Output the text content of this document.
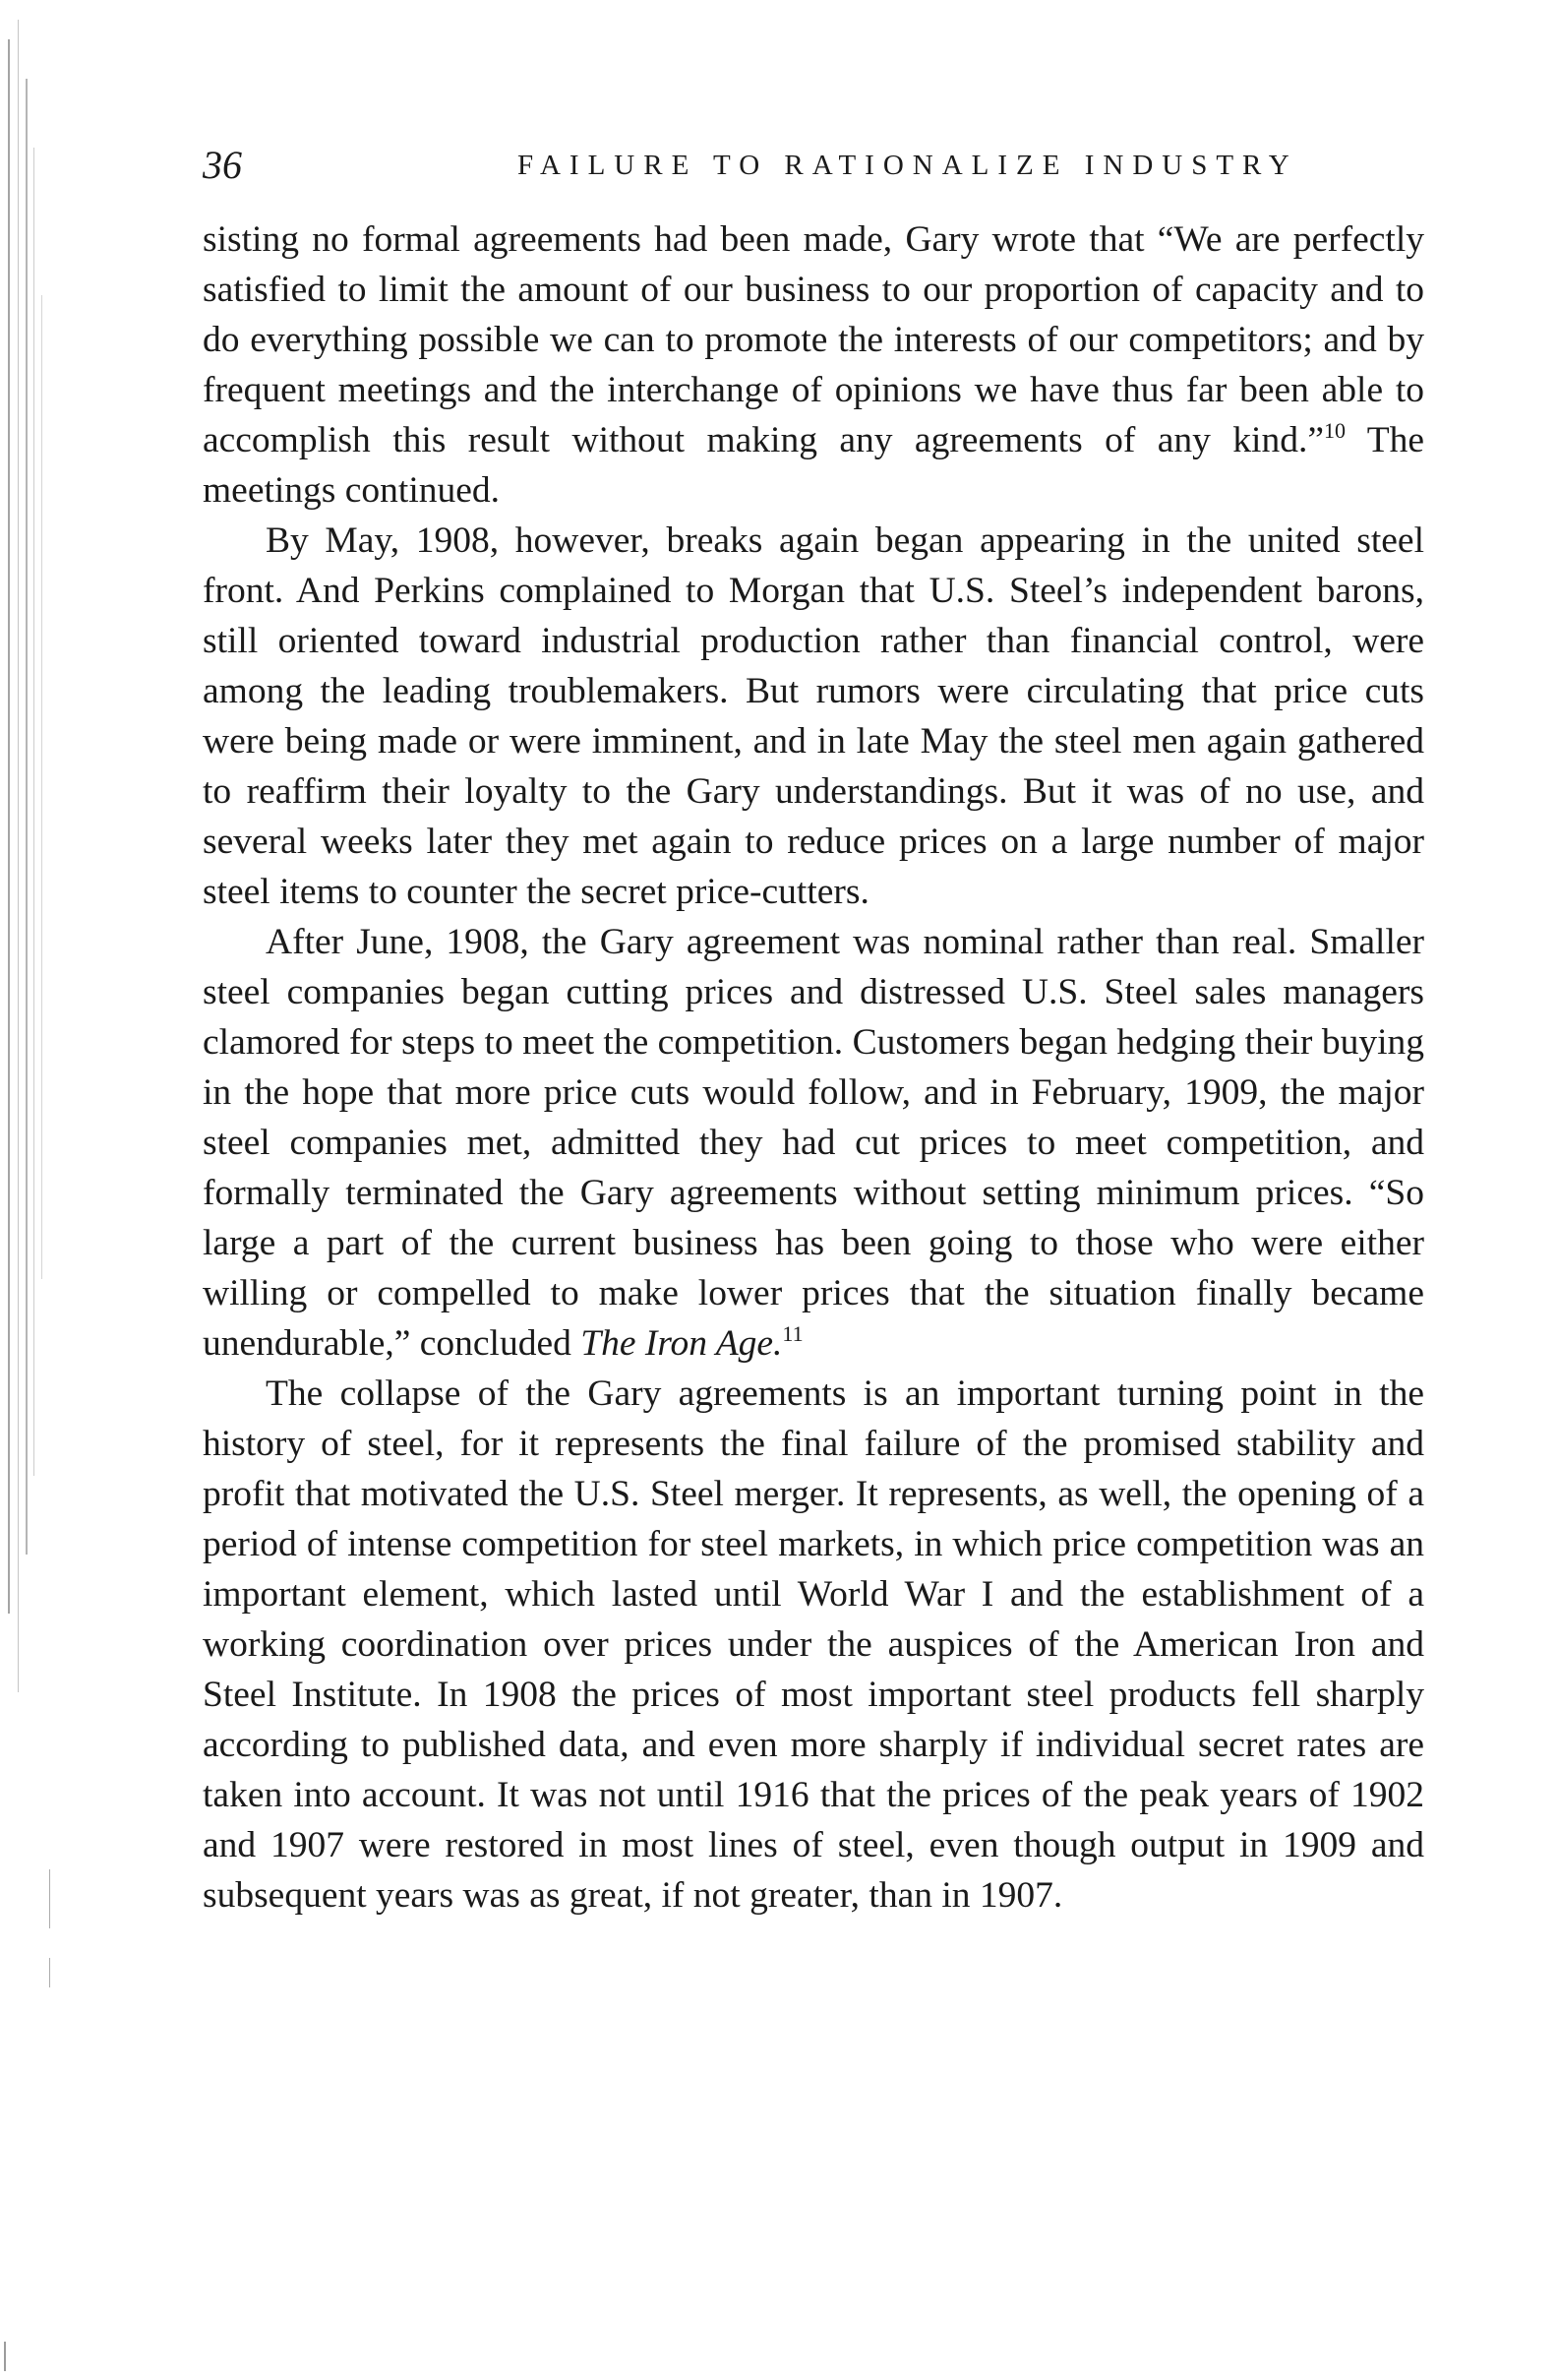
36	FAILURE TO RATIONALIZE INDUSTRY

sisting no formal agreements had been made, Gary wrote that “We are perfectly satisfied to limit the amount of our business to our proportion of capacity and to do everything possible we can to promote the interests of our competitors; and by frequent meetings and the interchange of opinions we have thus far been able to accomplish this result without making any agreements of any kind.”$^{10}$ The meetings continued.

By May, 1908, however, breaks again began appearing in the united steel front. And Perkins complained to Morgan that U.S. Steel’s independent barons, still oriented toward industrial production rather than financial control, were among the leading troublemakers. But rumors were circulating that price cuts were being made or were imminent, and in late May the steel men again gathered to reaffirm their loyalty to the Gary understandings. But it was of no use, and several weeks later they met again to reduce prices on a large number of major steel items to counter the secret price-cutters.

After June, 1908, the Gary agreement was nominal rather than real. Smaller steel companies began cutting prices and distressed U.S. Steel sales managers clamored for steps to meet the competition. Customers began hedging their buying in the hope that more price cuts would follow, and in February, 1909, the major steel companies met, admitted they had cut prices to meet competition, and formally terminated the Gary agreements without setting minimum prices. “So large a part of the current business has been going to those who were either willing or compelled to make lower prices that the situation finally became unendurable,” concluded The Iron Age.$^{11}$

The collapse of the Gary agreements is an important turning point in the history of steel, for it represents the final failure of the promised stability and profit that motivated the U.S. Steel merger. It represents, as well, the opening of a period of intense competition for steel markets, in which price competition was an important element, which lasted until World War I and the establishment of a working coordination over prices under the auspices of the American Iron and Steel Institute. In 1908 the prices of most important steel products fell sharply according to published data, and even more sharply if individual secret rates are taken into account. It was not until 1916 that the prices of the peak years of 1902 and 1907 were restored in most lines of steel, even though output in 1909 and subsequent years was as great, if not greater, than in 1907.
